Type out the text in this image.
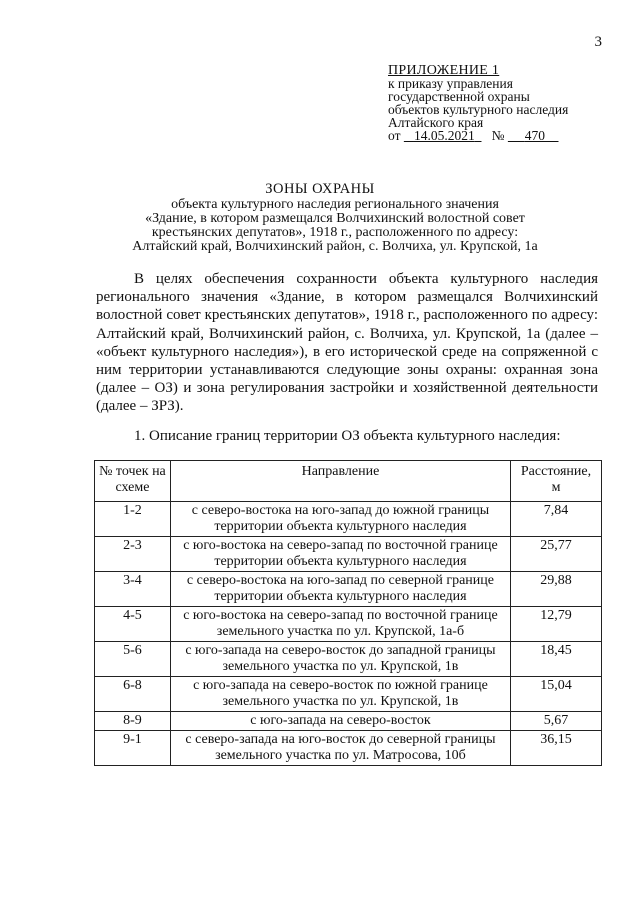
3
ПРИЛОЖЕНИЕ 1
к приказу управления
государственной охраны
объектов культурного наследия
Алтайского края
от 14.05.2021 № 470
ЗОНЫ ОХРАНЫ
объекта культурного наследия регионального значения
«Здание, в котором размещался Волчихинский волостной совет
крестьянских депутатов», 1918 г., расположенного по адресу:
Алтайский край, Волчихинский район, с. Волчиха, ул. Крупской, 1а
В целях обеспечения сохранности объекта культурного наследия регионального значения «Здание, в котором размещался Волчихинский волостной совет крестьянских депутатов», 1918 г., расположенного по адресу: Алтайский край, Волчихинский район, с. Волчиха, ул. Крупской, 1а (далее – «объект культурного наследия»), в его исторической среде на сопряженной с ним территории устанавливаются следующие зоны охраны: охранная зона (далее – ОЗ) и зона регулирования застройки и хозяйственной деятельности (далее – ЗРЗ).
1. Описание границ территории ОЗ объекта культурного наследия:
№ точек на схеме	Направление	Расстояние, м
1-2	с северо-востока на юго-запад до южной границы территории объекта культурного наследия	7,84
2-3	с юго-востока на северо-запад по восточной границе территории объекта культурного наследия	25,77
3-4	с северо-востока на юго-запад по северной границе территории объекта культурного наследия	29,88
4-5	с юго-востока на северо-запад по восточной границе земельного участка по ул. Крупской, 1а-б	12,79
5-6	с юго-запада на северо-восток до западной границы земельного участка по ул. Крупской, 1в	18,45
6-8	с юго-запада на северо-восток по южной границе земельного участка по ул. Крупской, 1в	15,04
8-9	с юго-запада на северо-восток	5,67
9-1	с северо-запада на юго-восток до северной границы земельного участка по ул. Матросова, 10б	36,15
